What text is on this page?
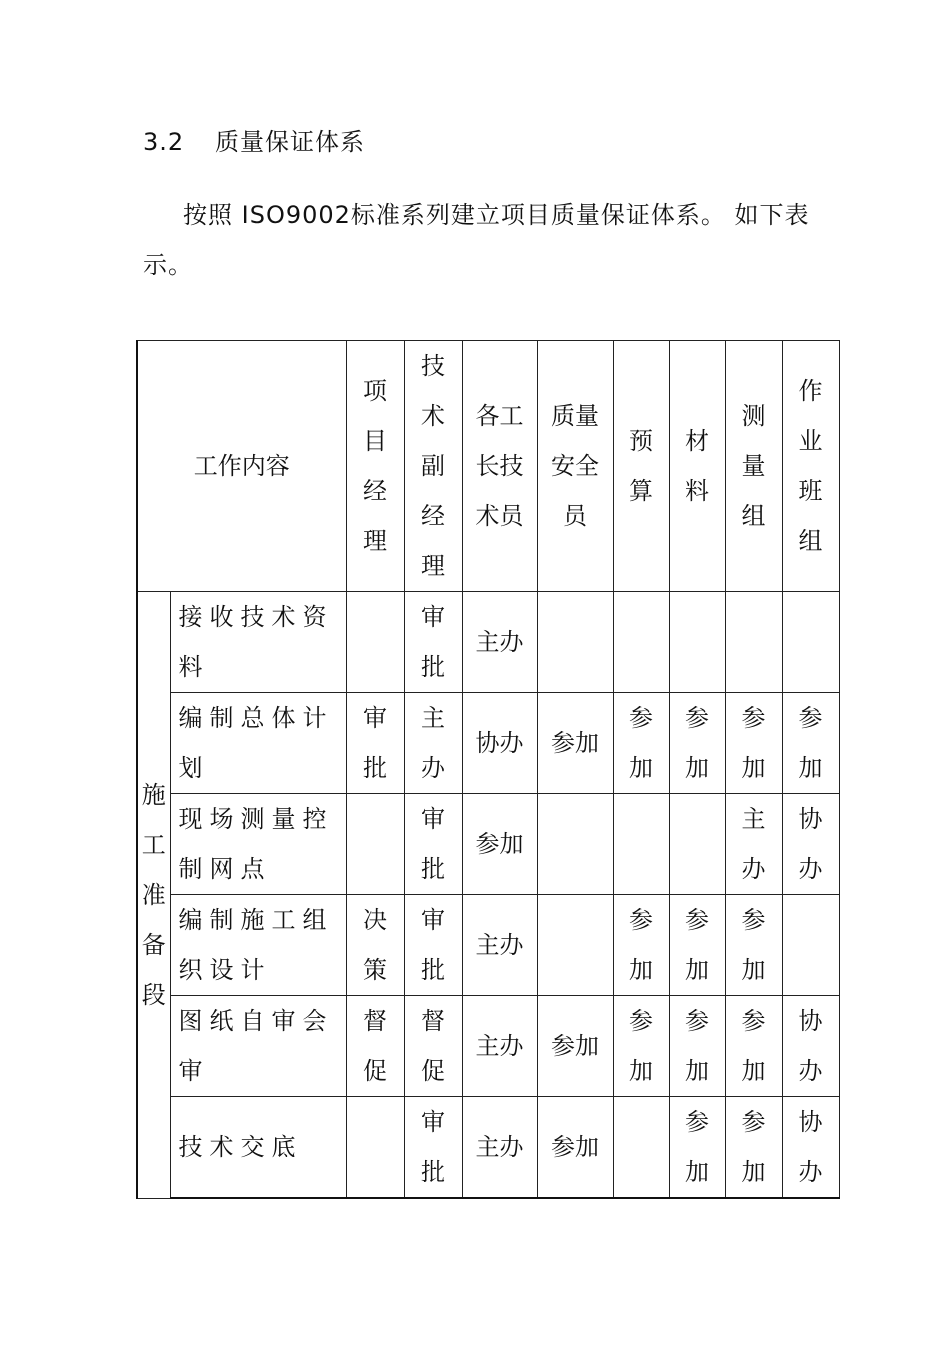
3.2 质量保证体系
按照 ISO9002标准系列建立项目质量保证体系。 如下表示。
工作内容		项目经理	技术副经理	各工长技术员	质量安全员	预算	材料	测量组	作业班组
施工准备段	接收技术资料		审批	主办					

	编制总体计划	审批	主办	协办	参加	参加	参加	参加	参加

	现场测量控制网点		审批	参加				主办	协办

	编制施工组织设计	决策	审批	主办		参加	参加	参加	

	图纸自审会审	督促	督促	主办	参加	参加	参加	参加	协办

	技术交底		审批	主办	参加		参加	参加	协办
